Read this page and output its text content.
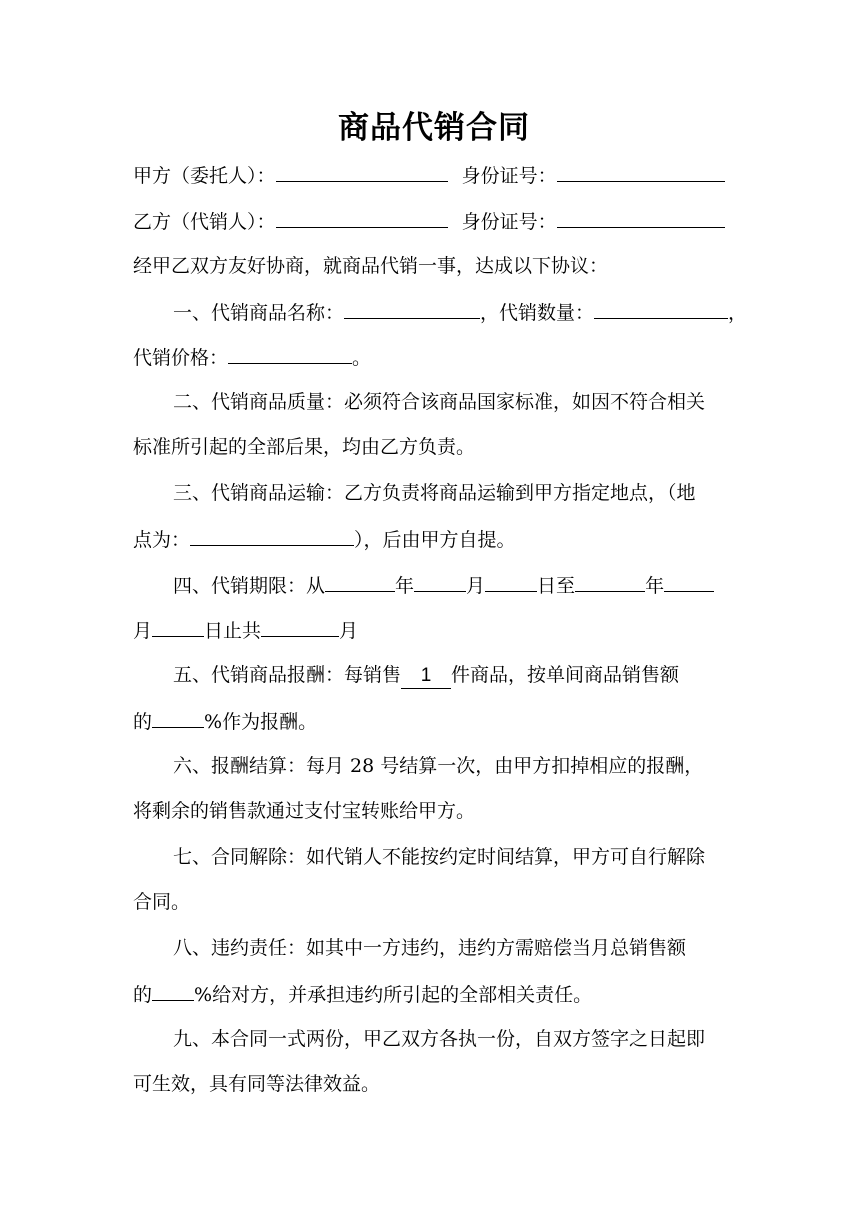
商品代销合同
甲方（委托人）：	身份证号：
乙方（代销人）：	身份证号：
经甲乙双方友好协商，就商品代销一事，达成以下协议：
一、代销商品名称：	，代销数量：	，
代销价格：	。
二、代销商品质量：必须符合该商品国家标准，如因不符合相关
标准所引起的全部后果，均由乙方负责。
三、代销商品运输：乙方负责将商品运输到甲方指定地点，（地
点为：	），后由甲方自提。
四、代销期限：从	年	月	日至	年
月	日止共	月
五、代销商品报酬：每销售 1 件商品，按单间商品销售额
的	%作为报酬。
六、报酬结算：每月 28 号结算一次，由甲方扣掉相应的报酬，
将剩余的销售款通过支付宝转账给甲方。
七、合同解除：如代销人不能按约定时间结算，甲方可自行解除
合同。
八、违约责任：如其中一方违约，违约方需赔偿当月总销售额
的 %给对方，并承担违约所引起的全部相关责任。
九、本合同一式两份，甲乙双方各执一份，自双方签字之日起即
可生效，具有同等法律效益。
